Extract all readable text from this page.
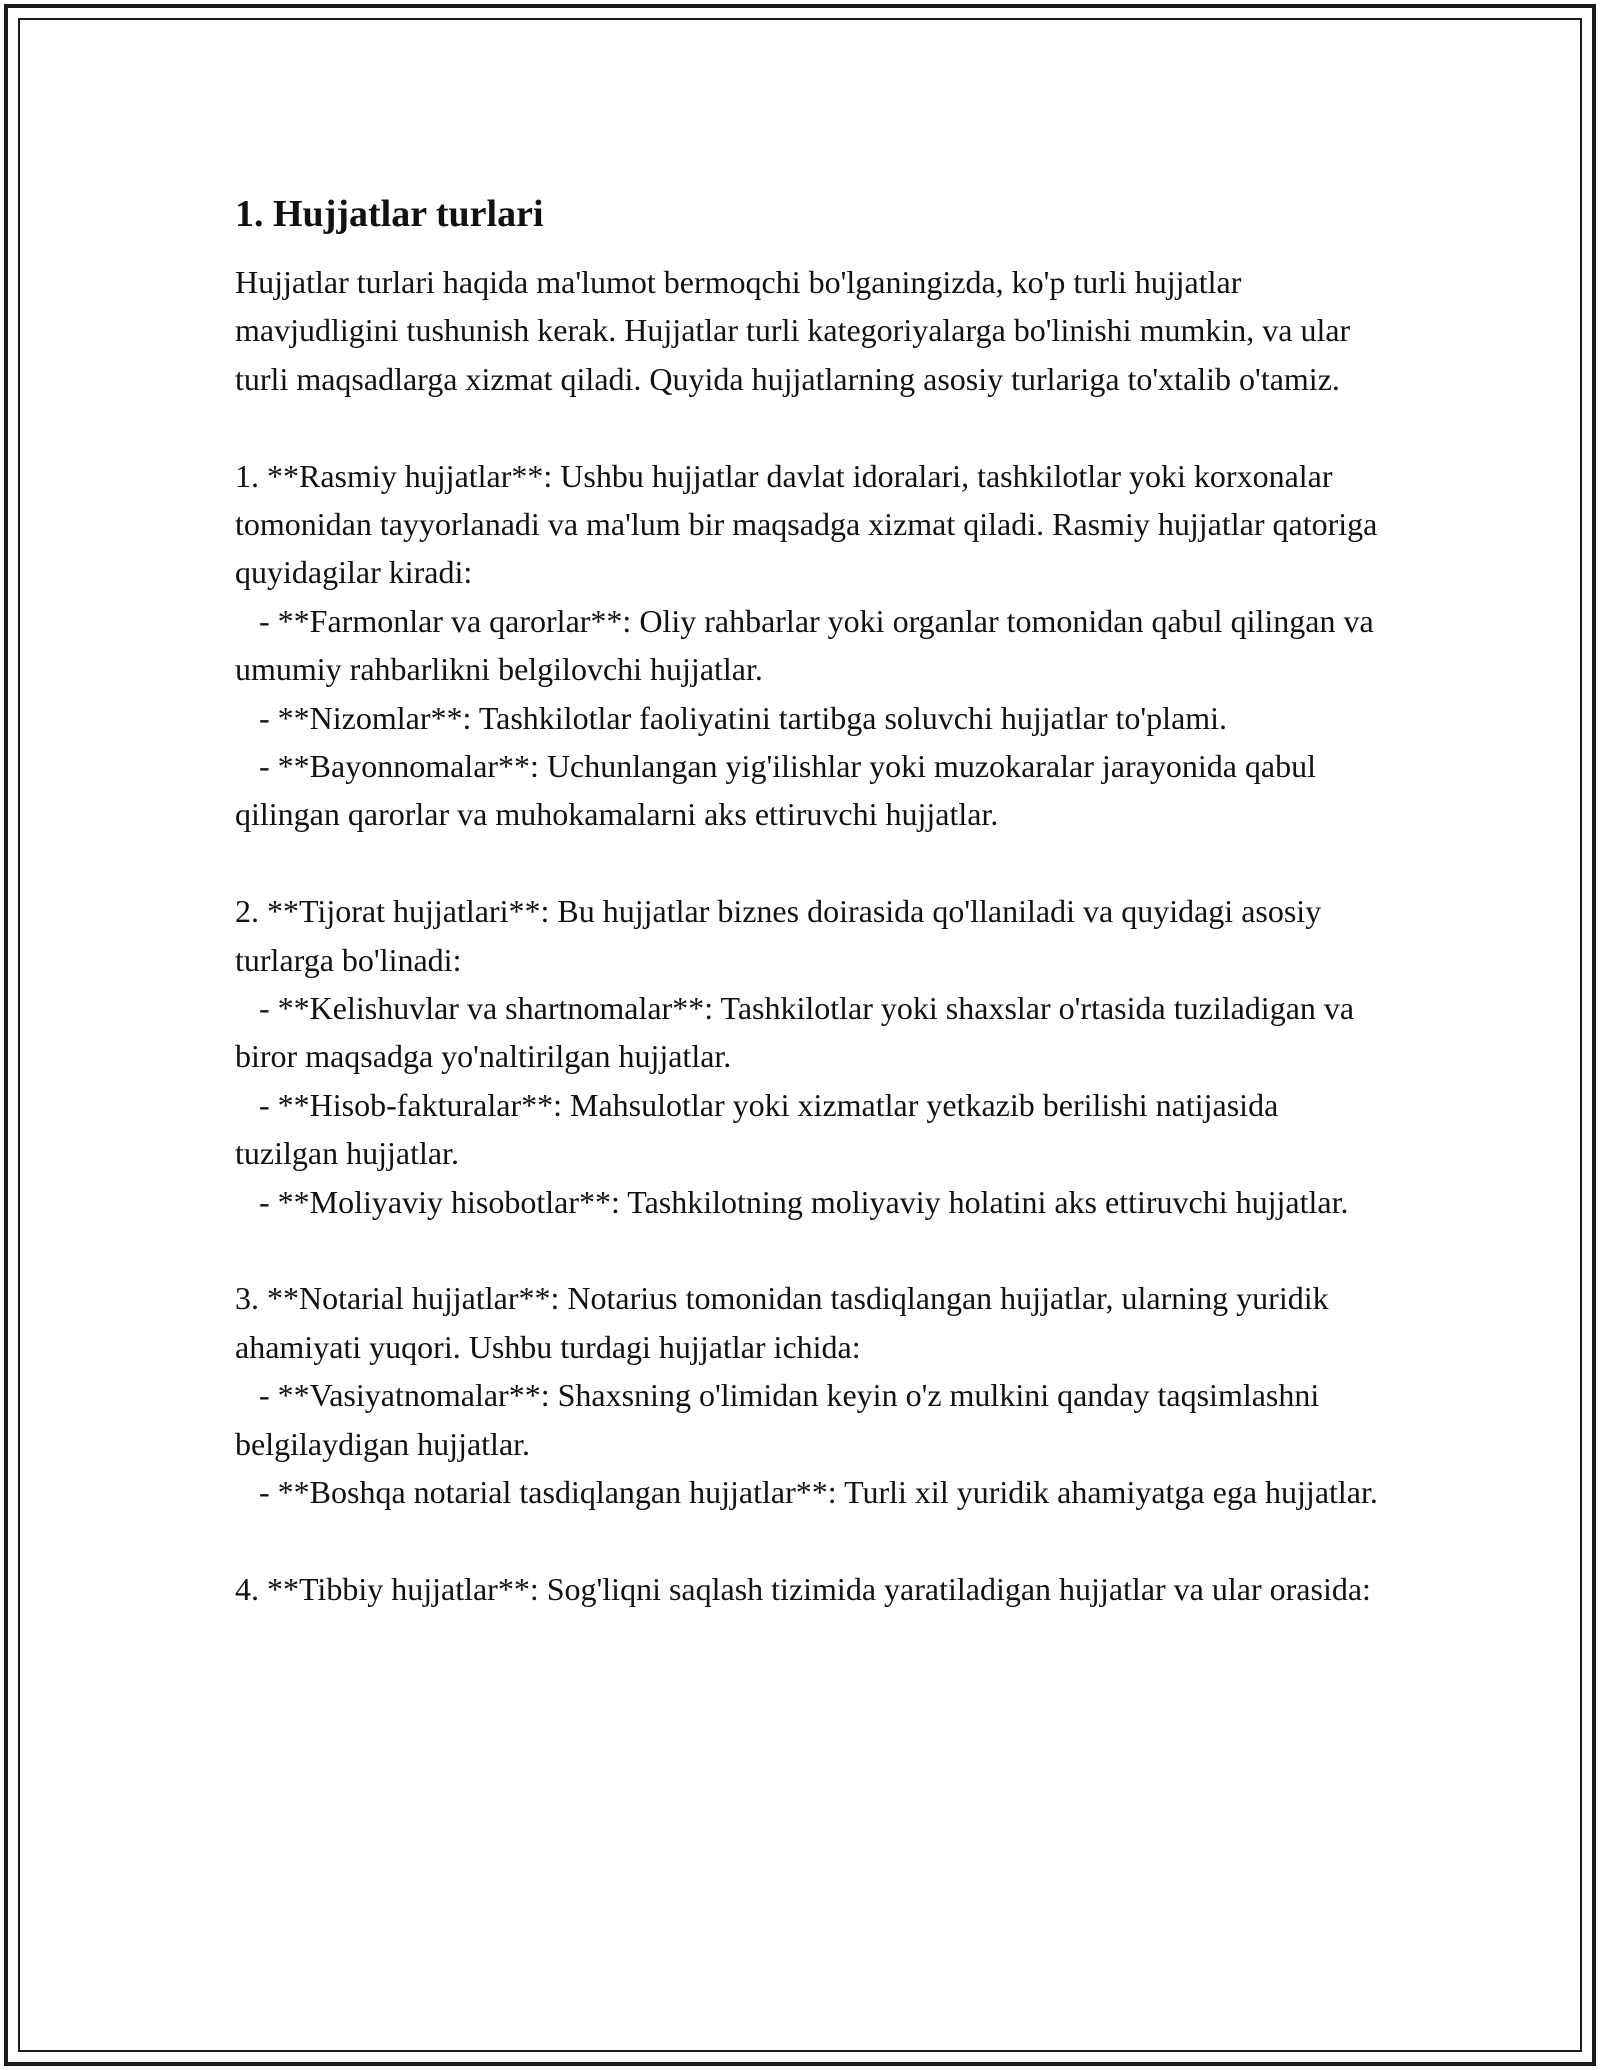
1. Hujjatlar turlari

Hujjatlar turlari haqida ma'lumot bermoqchi bo'lganingizda, ko'p turli hujjatlar mavjudligini tushunish kerak. Hujjatlar turli kategoriyalarga bo'linishi mumkin, va ular turli maqsadlarga xizmat qiladi. Quyida hujjatlarning asosiy turlariga to'xtalib o'tamiz.

1. **Rasmiy hujjatlar**: Ushbu hujjatlar davlat idoralari, tashkilotlar yoki korxonalar tomonidan tayyorlanadi va ma'lum bir maqsadga xizmat qiladi. Rasmiy hujjatlar qatoriga quyidagilar kiradi:

- **Farmonlar va qarorlar**: Oliy rahbarlar yoki organlar tomonidan qabul qilingan va umumiy rahbarlikni belgilovchi hujjatlar.

- **Nizomlar**: Tashkilotlar faoliyatini tartibga soluvchi hujjatlar to'plami.

- **Bayonnomalar**: Uchunlangan yig'ilishlar yoki muzokaralar jarayonida qabul qilingan qarorlar va muhokamalarni aks ettiruvchi hujjatlar.

2. **Tijorat hujjatlari**: Bu hujjatlar biznes doirasida qo'llaniladi va quyidagi asosiy turlarga bo'linadi:

- **Kelishuvlar va shartnomalar**: Tashkilotlar yoki shaxslar o'rtasida tuziladigan va biror maqsadga yo'naltirilgan hujjatlar.

- **Hisob-fakturalar**: Mahsulotlar yoki xizmatlar yetkazib berilishi natijasida tuzilgan hujjatlar.

- **Moliyaviy hisobotlar**: Tashkilotning moliyaviy holatini aks ettiruvchi hujjatlar.

3. **Notarial hujjatlar**: Notarius tomonidan tasdiqlangan hujjatlar, ularning yuridik ahamiyati yuqori. Ushbu turdagi hujjatlar ichida:

- **Vasiyatnomalar**: Shaxsning o'limidan keyin o'z mulkini qanday taqsimlashni belgilaydigan hujjatlar.

- **Boshqa notarial tasdiqlangan hujjatlar**: Turli xil yuridik ahamiyatga ega hujjatlar.

4. **Tibbiy hujjatlar**: Sog'liqni saqlash tizimida yaratiladigan hujjatlar va ular orasida:
